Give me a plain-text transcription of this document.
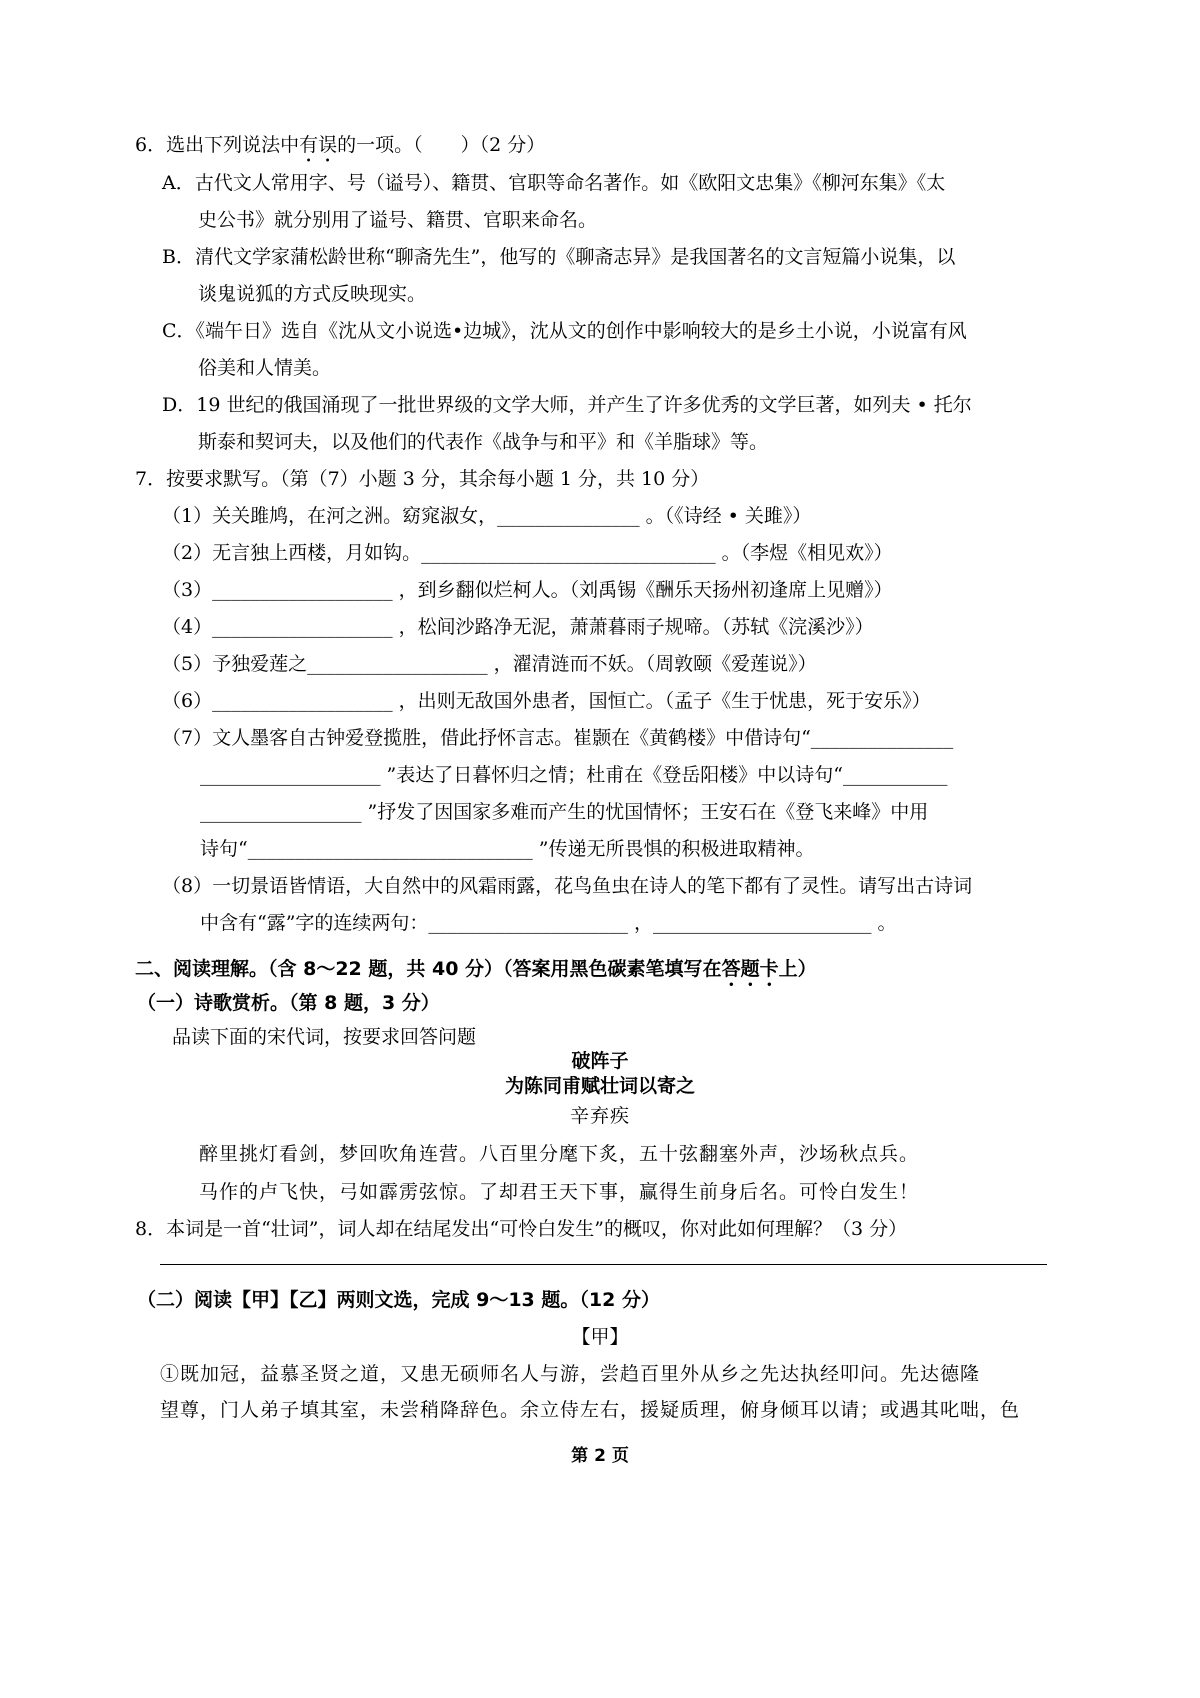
6．选出下列说法中有误的一项。（　　）（2 分）
A．古代文人常用字、号（谥号）、籍贯、官职等命名著作。如《欧阳文忠集》《柳河东集》《太
史公书》就分别用了谥号、籍贯、官职来命名。
B．清代文学家蒲松龄世称“聊斋先生”，他写的《聊斋志异》是我国著名的文言短篇小说集，以
谈鬼说狐的方式反映现实。
C．《端午日》选自《沈从文小说选•边城》，沈从文的创作中影响较大的是乡土小说，小说富有风
俗美和人情美。
D．19 世纪的俄国涌现了一批世界级的文学大师，并产生了许多优秀的文学巨著，如列夫 • 托尔
斯泰和契诃夫，以及他们的代表作《战争与和平》和《羊脂球》等。
7．按要求默写。（第（7）小题 3 分，其余每小题 1 分，共 10 分）
（1）关关雎鸠，在河之洲。窈窕淑女，_______________ 。（《诗经 • 关雎》）
（2）无言独上西楼，月如钩。_______________________________ 。（李煜《相见欢》）
（3）___________________ ，到乡翻似烂柯人。（刘禹锡《酬乐天扬州初逢席上见赠》）
（4）___________________ ，松间沙路净无泥，萧萧暮雨子规啼。（苏轼《浣溪沙》）
（5）予独爱莲之___________________ ，濯清涟而不妖。（周敦颐《爱莲说》）
（6）___________________ ，出则无敌国外患者，国恒亡。（孟子《生于忧患，死于安乐》）
（7）文人墨客自古钟爱登揽胜，借此抒怀言志。崔颢在《黄鹤楼》中借诗句“_______________
___________________ ”表达了日暮怀归之情；杜甫在《登岳阳楼》中以诗句“___________
_________________ ”抒发了因国家多难而产生的忧国情怀；王安石在《登飞来峰》中用
诗句“______________________________ ”传递无所畏惧的积极进取精神。
（8）一切景语皆情语，大自然中的风霜雨露，花鸟鱼虫在诗人的笔下都有了灵性。请写出古诗词
中含有“露”字的连续两句：_____________________ ，_______________________ 。
二、阅读理解。（含 8～22 题，共 40 分）（答案用黑色碳素笔填写在答题卡上）
（一）诗歌赏析。（第 8 题，3 分）
品读下面的宋代词，按要求回答问题
破阵子
为陈同甫赋壮词以寄之
辛弃疾
醉里挑灯看剑，梦回吹角连营。八百里分麾下炙，五十弦翻塞外声，沙场秋点兵。
马作的卢飞快，弓如霹雳弦惊。了却君王天下事，赢得生前身后名。可怜白发生！
8．本词是一首“壮词”，词人却在结尾发出“可怜白发生”的概叹，你对此如何理解？（3 分）
（二）阅读【甲】【乙】两则文选，完成 9～13 题。（12 分）
【甲】
①既加冠，益慕圣贤之道，又患无硕师名人与游，尝趋百里外从乡之先达执经叩问。先达德隆
望尊，门人弟子填其室，未尝稍降辞色。余立侍左右，援疑质理，俯身倾耳以请；或遇其叱咄，色
第 2 页
